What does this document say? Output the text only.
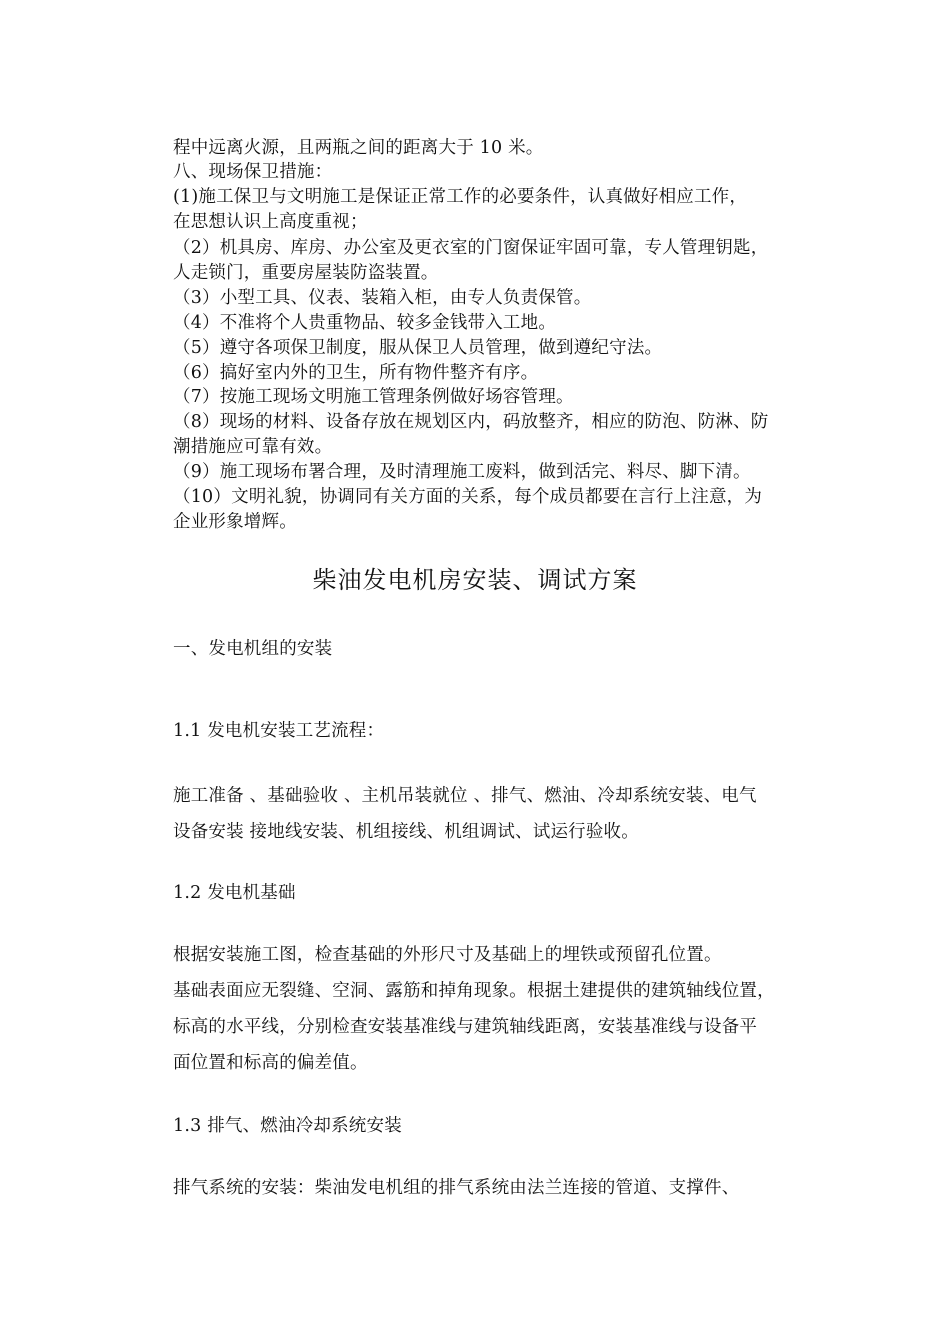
程中远离火源，且两瓶之间的距离大于 10 米。
八、现场保卫措施：
(1)施工保卫与文明施工是保证正常工作的必要条件，认真做好相应工作，
在思想认识上高度重视；
（2）机具房、库房、办公室及更衣室的门窗保证牢固可靠，专人管理钥匙，
人走锁门，重要房屋装防盗装置。
（3）小型工具、仪表、装箱入柜，由专人负责保管。
（4）不准将个人贵重物品、较多金钱带入工地。
（5）遵守各项保卫制度，服从保卫人员管理，做到遵纪守法。
（6）搞好室内外的卫生，所有物件整齐有序。
（7）按施工现场文明施工管理条例做好场容管理。
（8）现场的材料、设备存放在规划区内，码放整齐，相应的防泡、防淋、防
潮措施应可靠有效。
（9）施工现场布署合理，及时清理施工废料，做到活完、料尽、脚下清。
（10）文明礼貌，协调同有关方面的关系，每个成员都要在言行上注意，为
企业形象增辉。
柴油发电机房安装、调试方案
一、发电机组的安装
1.1 发电机安装工艺流程：
施工准备 、基础验收 、主机吊装就位 、排气、燃油、冷却系统安装、电气
设备安装 接地线安装、机组接线、机组调试、试运行验收。
1.2 发电机基础
根据安装施工图，检查基础的外形尺寸及基础上的埋铁或预留孔位置。
基础表面应无裂缝、空洞、露筋和掉角现象。根据土建提供的建筑轴线位置，
标高的水平线，分别检查安装基准线与建筑轴线距离，安装基准线与设备平
面位置和标高的偏差值。
1.3 排气、燃油冷却系统安装
排气系统的安装：柴油发电机组的排气系统由法兰连接的管道、支撑件、
